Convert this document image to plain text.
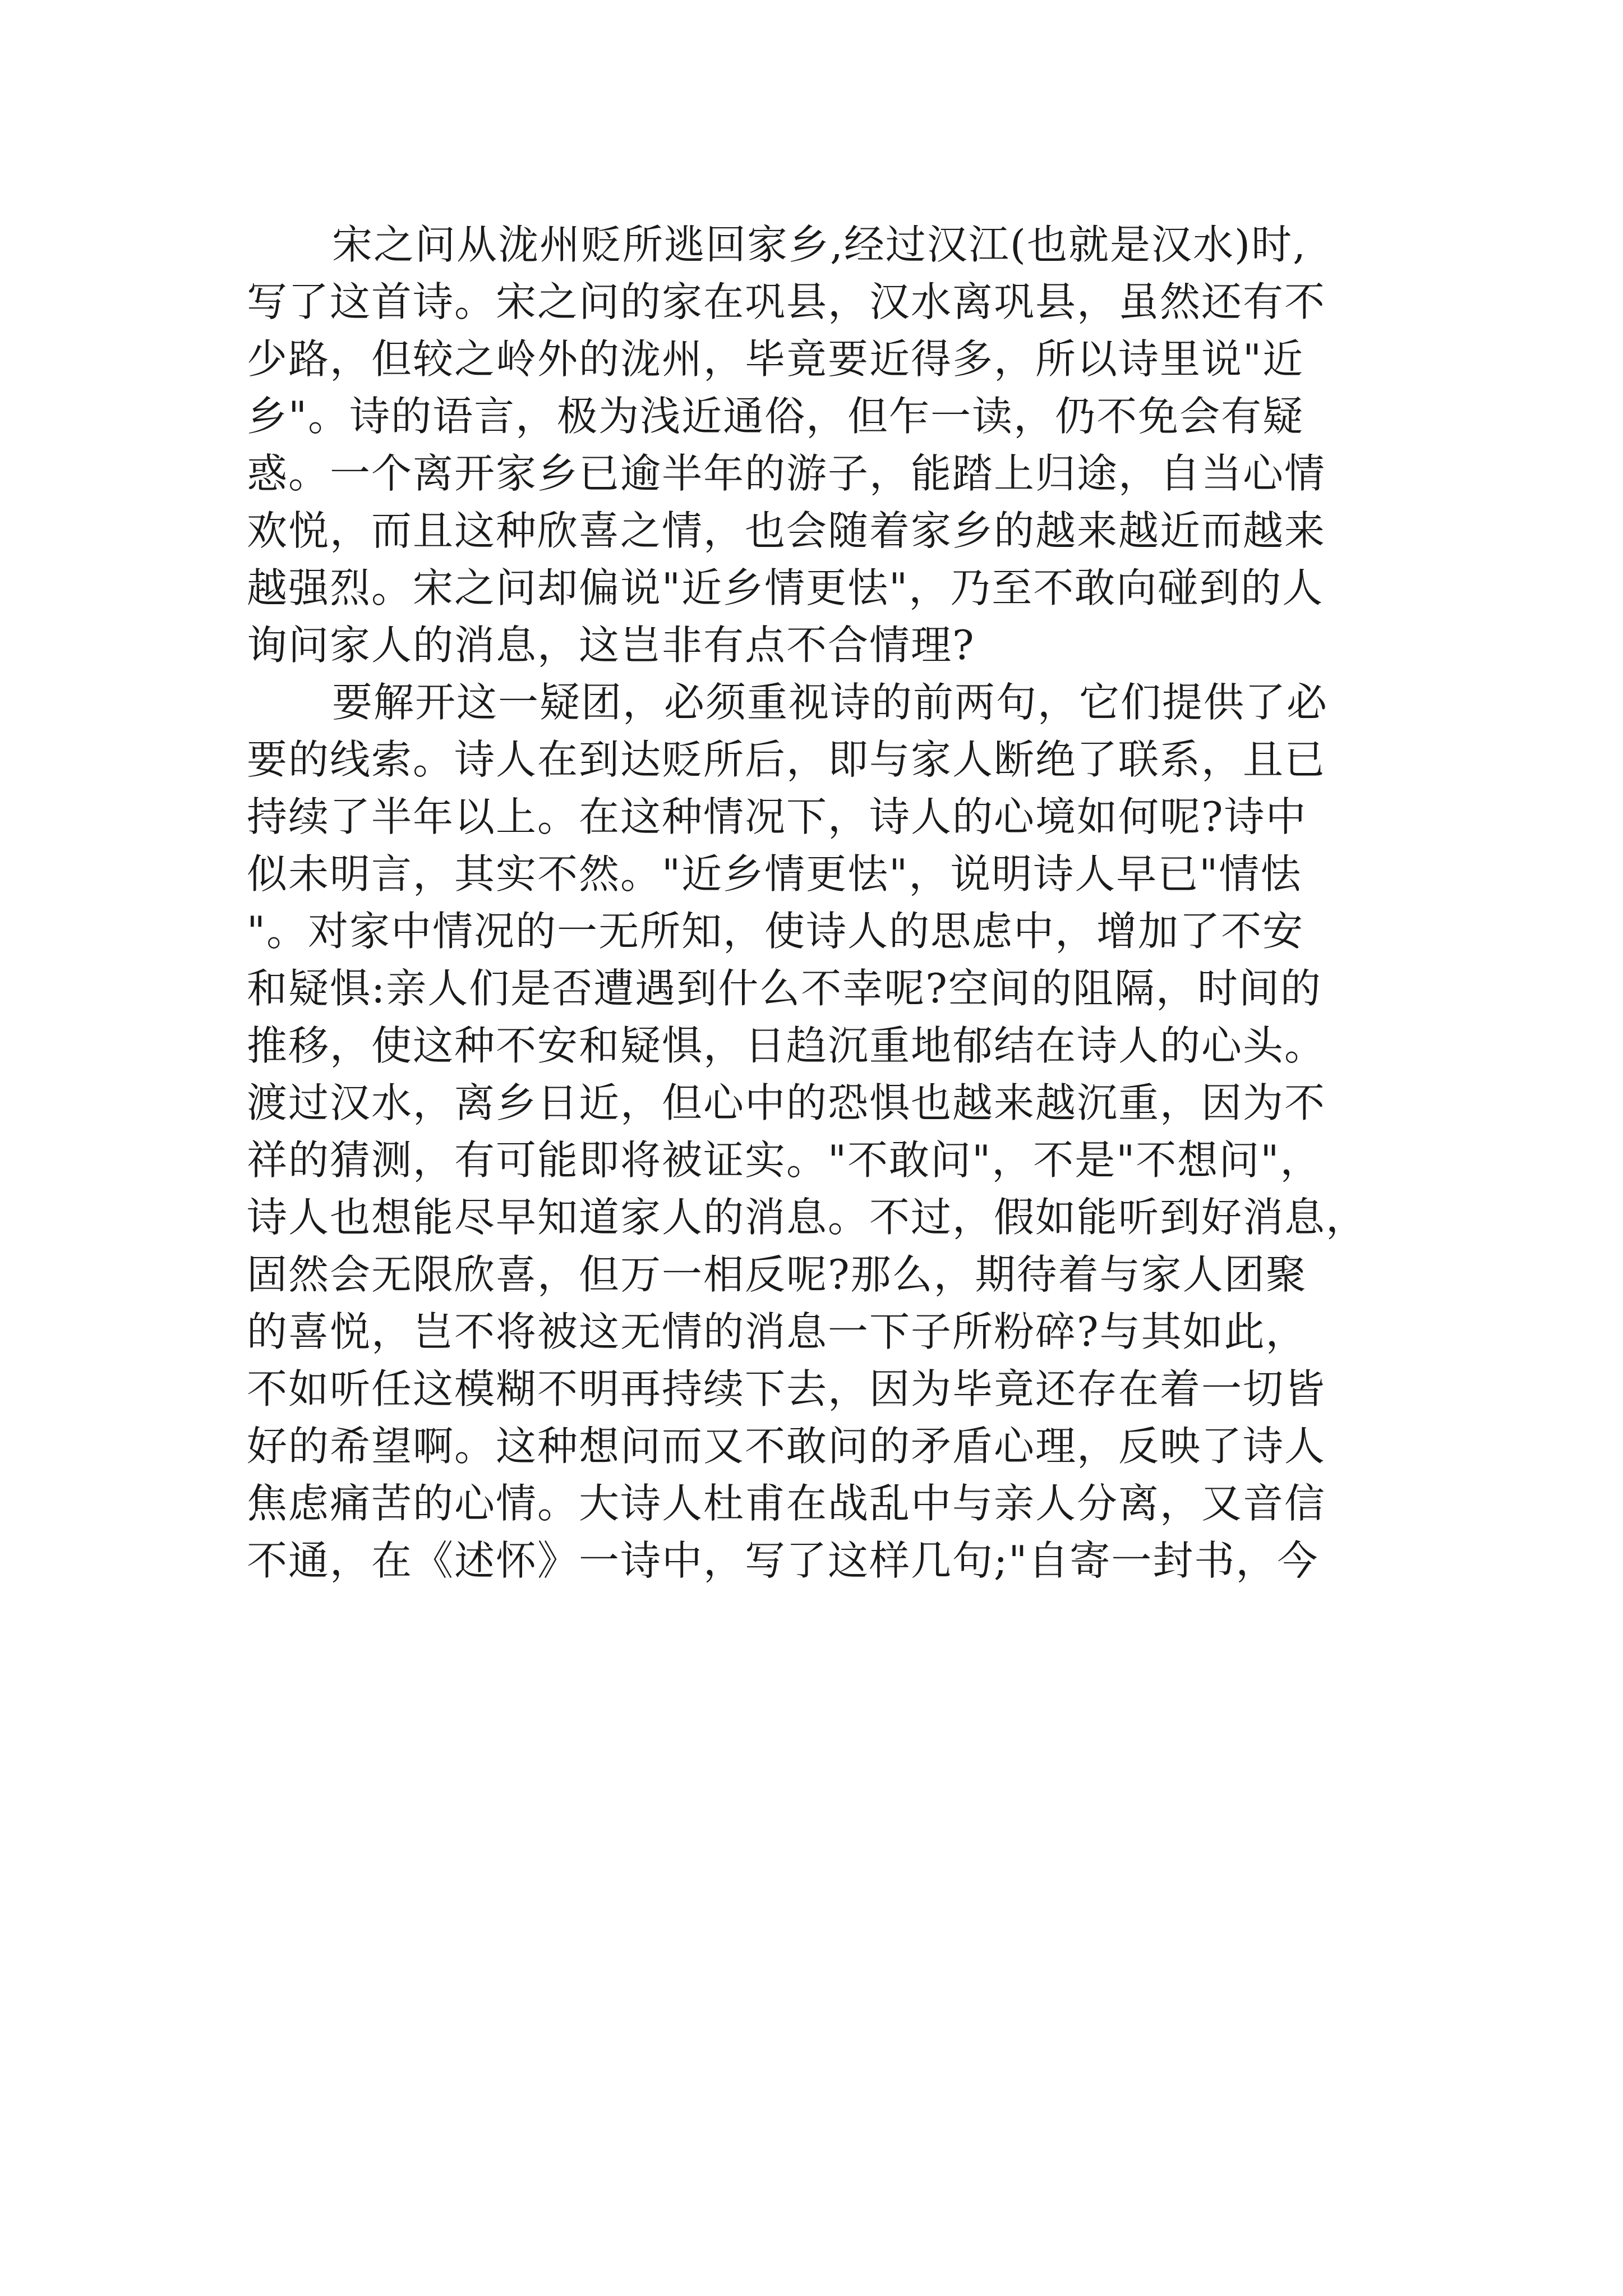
宋之问从泷州贬所逃回家乡,经过汉江(也就是汉水)时,
写了这首诗。宋之问的家在巩县，汉水离巩县，虽然还有不
少路，但较之岭外的泷州，毕竟要近得多，所以诗里说"近
乡"。诗的语言，极为浅近通俗，但乍一读，仍不免会有疑
惑。一个离开家乡已逾半年的游子，能踏上归途，自当心情
欢悦，而且这种欣喜之情，也会随着家乡的越来越近而越来
越强烈。宋之问却偏说"近乡情更怯"，乃至不敢向碰到的人
询问家人的消息，这岂非有点不合情理?
要解开这一疑团，必须重视诗的前两句，它们提供了必
要的线索。诗人在到达贬所后，即与家人断绝了联系，且已
持续了半年以上。在这种情况下，诗人的心境如何呢?诗中
似未明言，其实不然。"近乡情更怯"，说明诗人早已"情怯
"。对家中情况的一无所知，使诗人的思虑中，增加了不安
和疑惧:亲人们是否遭遇到什么不幸呢?空间的阻隔，时间的
推移，使这种不安和疑惧，日趋沉重地郁结在诗人的心头。
渡过汉水，离乡日近，但心中的恐惧也越来越沉重，因为不
祥的猜测，有可能即将被证实。"不敢问"，不是"不想问"，
诗人也想能尽早知道家人的消息。不过，假如能听到好消息，
固然会无限欣喜，但万一相反呢?那么，期待着与家人团聚
的喜悦，岂不将被这无情的消息一下子所粉碎?与其如此，
不如听任这模糊不明再持续下去，因为毕竟还存在着一切皆
好的希望啊。这种想问而又不敢问的矛盾心理，反映了诗人
焦虑痛苦的心情。大诗人杜甫在战乱中与亲人分离，又音信
不通，在《述怀》一诗中，写了这样几句;"自寄一封书，今
